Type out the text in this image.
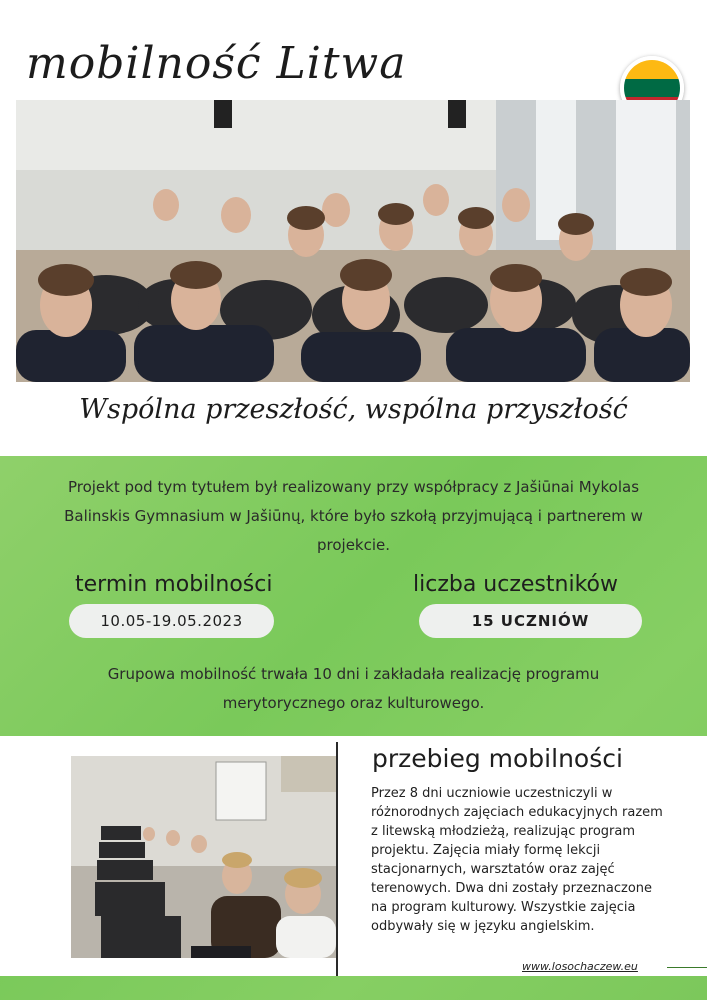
mobilność Litwa
Wspólna przeszłość, wspólna przyszłość
Projekt pod tym tytułem był realizowany przy współpracy z Jašiūnai Mykolas Balinskis Gymnasium w Jašiūnų, które było szkołą przyjmującą i partnerem w projekcie.
termin mobilności	liczba uczestników
10.05-19.05.2023	15 UCZNIÓW
Grupowa mobilność trwała 10 dni i zakładała realizację programu merytorycznego oraz kulturowego.
przebieg mobilności
Przez 8 dni uczniowie uczestniczyli w różnorodnych zajęciach edukacyjnych razem z litewską młodzieżą, realizując program projektu. Zajęcia miały formę lekcji stacjonarnych, warsztatów oraz zajęć terenowych. Dwa dni zostały przeznaczone na program kulturowy. Wszystkie zajęcia odbywały się w języku angielskim.
www.losochaczew.eu
